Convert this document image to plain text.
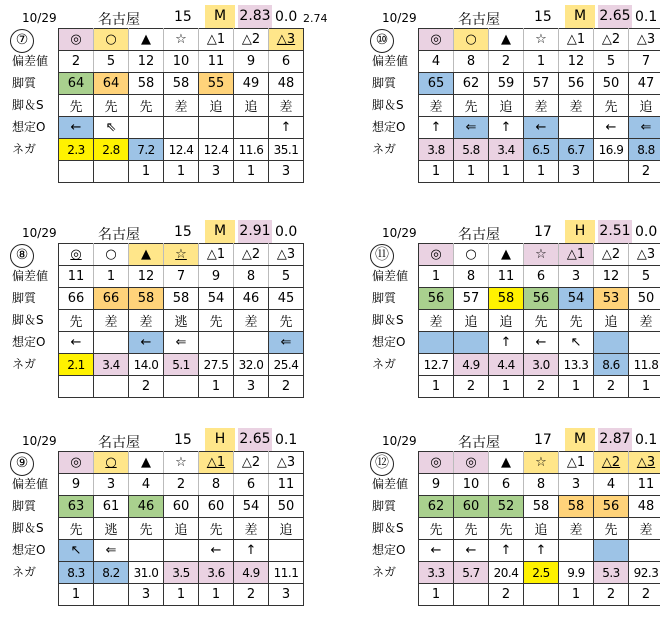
10/29	名古屋 15	M 2.83 0.0 2.74
⑦
偏差値
脚質
脚＆S
想定O
ネガ
◎	○	▲	☆	△1	△2	△3
2	5	12	10	11	9	6
64	64	58	58	55	49	48
先	先	先	差	追	追	差
←	⇖					↑
2.3	2.8	7.2	12.4	12.4	11.6	35.1
		1	1	3	1	3
10/29	名古屋 15	M 2.65 0.1
⑩
偏差値
脚質
脚＆S
想定O
ネガ
◎	○	▲	☆	△1	△2	△3
4	8	2	1	12	5	7
65	62	59	57	56	50	47
差	先	追	差	差	先	追
↑	⇐	↑	←		←	⇐
3.8	5.8	3.4	6.5	6.7	16.9	8.8
1	1	1	1	3		2
10/29	名古屋 15	M 2.91 0.0
⑧
偏差値
脚質
脚＆S
想定O
ネガ
◎	○	▲	☆	△1	△2	△3
11	1	12	7	9	8	5
66	66	58	58	54	46	45
先	差	差	逃	先	差	先
←		←	⇐			⇐
2.1	3.4	14.0	5.1	27.5	32.0	25.4
		2		1	3	2
10/29	名古屋 17	H	2.51 0.0
⑪
偏差値
脚質
脚＆S
想定O
ネガ
◎	○	▲	☆	△1	△2	△3
1	8	11	6	3	12	5
56	57	58	56	54	53	50
差	追	追	先	先	追	差
		↑	←	↖		
12.7	4.9	4.4	3.0	13.3	8.6	11.8
1	2	1	2	1	2	1
10/29	名古屋 15	H	2.65 0.1
⑨
偏差値
脚質
脚＆S
想定O
ネガ
◎	○	▲	☆	△1	△2	△3
9	3	4	2	8	6	11
63	61	46	60	60	54	50
先	逃	先	追	先	差	追
↖	⇐			←	↑	
8.3	8.2	31.0	3.5	3.6	4.9	11.1
1		3	1	1	2	3
10/29	名古屋 17	M 2.87 0.1
⑫
偏差値
脚質
脚＆S
想定O
ネガ
◎	◎	▲	☆	△1	△2	△3
9	10	6	8	3	4	11
62	60	52	58	58	56	48
先	先	先	追	差	先	差
←	←	↑	↑			
3.3	5.7	20.4	2.5	9.9	5.3	92.3
1		2		1	2	2
